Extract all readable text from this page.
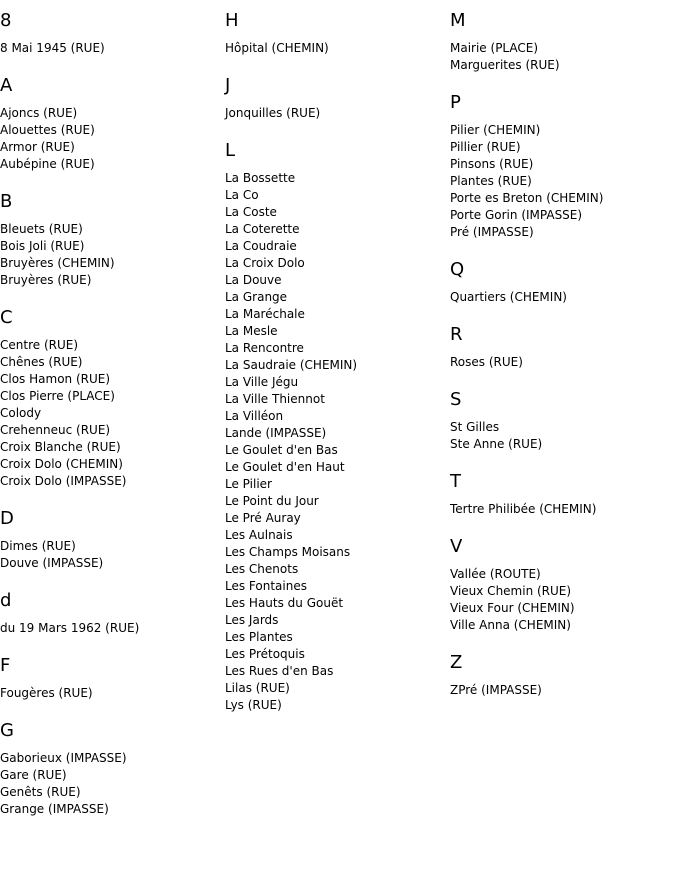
8
8 Mai 1945 (RUE)
A
Ajoncs (RUE)
Alouettes (RUE)
Armor (RUE)
Aubépine (RUE)
B
Bleuets (RUE)
Bois Joli (RUE)
Bruyères (CHEMIN)
Bruyères (RUE)
C
Centre (RUE)
Chênes (RUE)
Clos Hamon (RUE)
Clos Pierre (PLACE)
Colody
Crehenneuc (RUE)
Croix Blanche (RUE)
Croix Dolo (CHEMIN)
Croix Dolo (IMPASSE)
D
Dimes (RUE)
Douve (IMPASSE)
d
du 19 Mars 1962 (RUE)
F
Fougères (RUE)
G
Gaborieux (IMPASSE)
Gare (RUE)
Genêts (RUE)
Grange (IMPASSE)
H
Hôpital (CHEMIN)
J
Jonquilles (RUE)
L
La Bossette
La Co
La Coste
La Coterette
La Coudraie
La Croix Dolo
La Douve
La Grange
La Maréchale
La Mesle
La Rencontre
La Saudraie (CHEMIN)
La Ville Jégu
La Ville Thiennot
La Villéon
Lande (IMPASSE)
Le Goulet d'en Bas
Le Goulet d'en Haut
Le Pilier
Le Point du Jour
Le Pré Auray
Les Aulnais
Les Champs Moisans
Les Chenots
Les Fontaines
Les Hauts du Gouët
Les Jards
Les Plantes
Les Prétoquis
Les Rues d'en Bas
Lilas (RUE)
Lys (RUE)
M
Mairie (PLACE)
Marguerites (RUE)
P
Pilier (CHEMIN)
Pillier (RUE)
Pinsons (RUE)
Plantes (RUE)
Porte es Breton (CHEMIN)
Porte Gorin (IMPASSE)
Pré (IMPASSE)
Q
Quartiers (CHEMIN)
R
Roses (RUE)
S
St Gilles
Ste Anne (RUE)
T
Tertre Philibée (CHEMIN)
V
Vallée (ROUTE)
Vieux Chemin (RUE)
Vieux Four (CHEMIN)
Ville Anna (CHEMIN)
Z
ZPré (IMPASSE)
